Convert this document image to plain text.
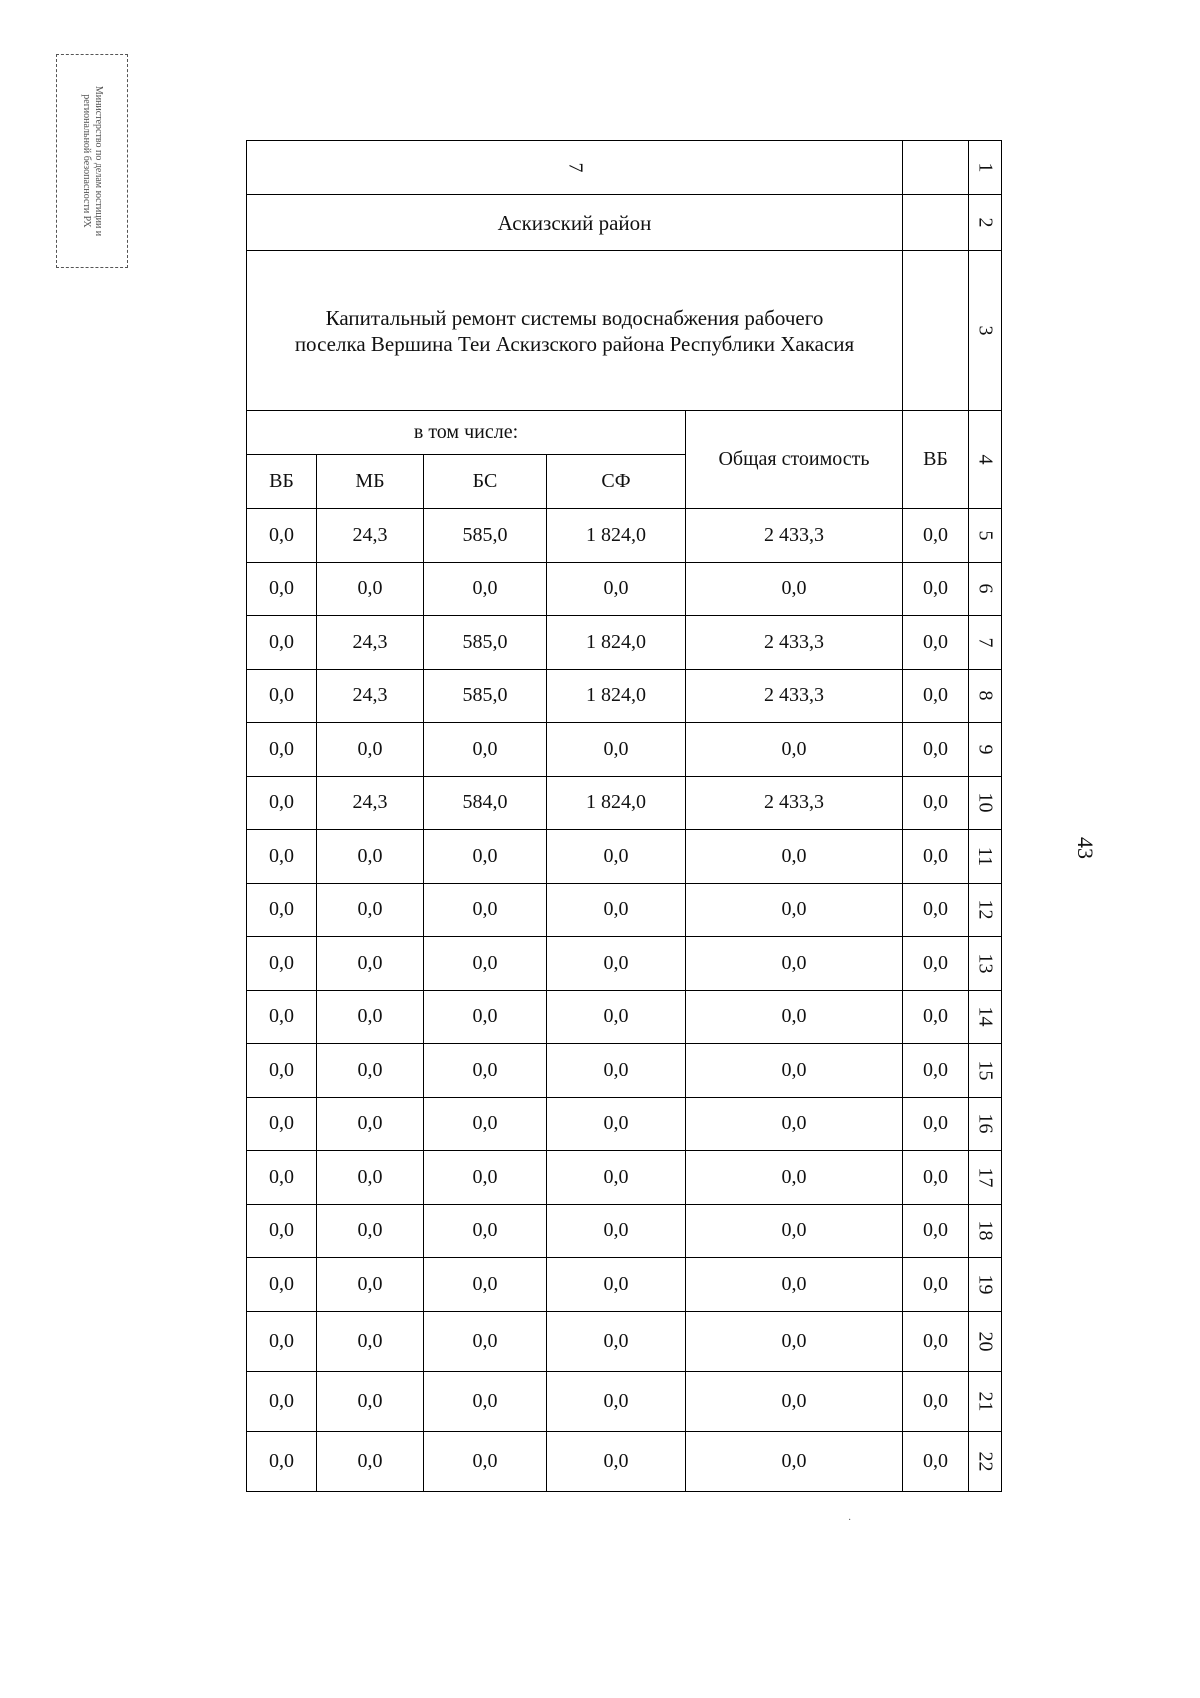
Министерство по делам юстиции и региональной безопасности РХ	7						1
Аскизский район						2

Капитальный ремонт системы водоснабжения рабочего поселка Вершина Теи Аскизского района Республики Хакасия						3
в том числе:				Общая стоимость	ВБ	4
ВБ	МБ	БС	СФ			
0,0	24,3	585,0	1 824,0	2 433,3	0,0	5
0,0	0,0	0,0	0,0	0,0	0,0	6
0,0	24,3	585,0	1 824,0	2 433,3	0,0	7
0,0	24,3	585,0	1 824,0	2 433,3	0,0	8
0,0	0,0	0,0	0,0	0,0	0,0	9
0,0	24,3	584,0	1 824,0	2 433,3	0,0	10
0,0	0,0	0,0	0,0	0,0	0,0	11
0,0	0,0	0,0	0,0	0,0	0,0	12
0,0	0,0	0,0	0,0	0,0	0,0	13
0,0	0,0	0,0	0,0	0,0	0,0	14
0,0	0,0	0,0	0,0	0,0	0,0	15
0,0	0,0	0,0	0,0	0,0	0,0	16
0,0	0,0	0,0	0,0	0,0	0,0	17
0,0	0,0	0,0	0,0	0,0	0,0	18
0,0	0,0	0,0	0,0	0,0	0,0	19
0,0	0,0	0,0	0,0	0,0	0,0	20
0,0	0,0	0,0	0,0	0,0	0,0	21
0,0	0,0	0,0	0,0	0,0	0,0	22
43
·
